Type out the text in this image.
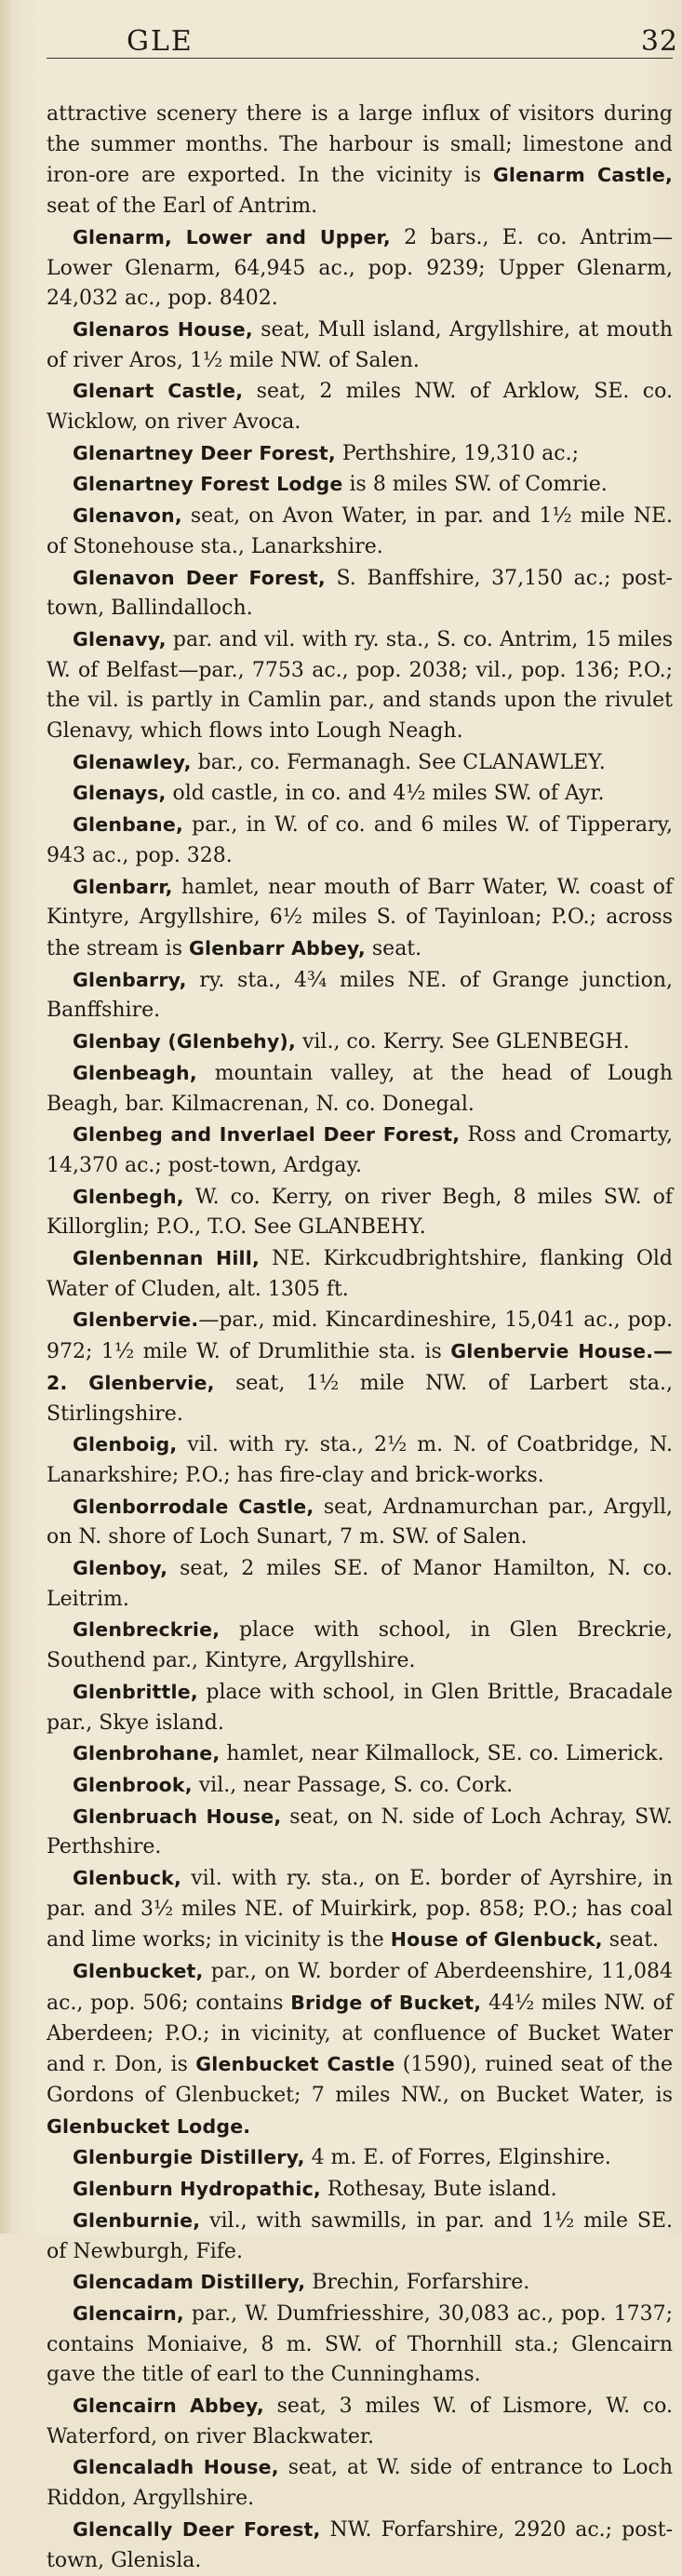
GLE	32

attractive scenery there is a large influx of visitors during the summer months. The harbour is small; limestone and iron-ore are exported. In the vicinity is Glenarm Castle, seat of the Earl of Antrim.

Glenarm, Lower and Upper, 2 bars., E. co. Antrim—Lower Glenarm, 64,945 ac., pop. 9239; Upper Glenarm, 24,032 ac., pop. 8402.

Glenaros House, seat, Mull island, Argyllshire, at mouth of river Aros, 1½ mile NW. of Salen.

Glenart Castle, seat, 2 miles NW. of Arklow, SE. co. Wicklow, on river Avoca.

Glenartney Deer Forest, Perthshire, 19,310 ac.;

Glenartney Forest Lodge is 8 miles SW. of Comrie.

Glenavon, seat, on Avon Water, in par. and 1½ mile NE. of Stonehouse sta., Lanarkshire.

Glenavon Deer Forest, S. Banffshire, 37,150 ac.; post-town, Ballindalloch.

Glenavy, par. and vil. with ry. sta., S. co. Antrim, 15 miles W. of Belfast—par., 7753 ac., pop. 2038; vil., pop. 136; P.O.; the vil. is partly in Camlin par., and stands upon the rivulet Glenavy, which flows into Lough Neagh.

Glenawley, bar., co. Fermanagh. See CLANAWLEY.

Glenays, old castle, in co. and 4½ miles SW. of Ayr.

Glenbane, par., in W. of co. and 6 miles W. of Tipperary, 943 ac., pop. 328.

Glenbarr, hamlet, near mouth of Barr Water, W. coast of Kintyre, Argyllshire, 6½ miles S. of Tayinloan; P.O.; across the stream is Glenbarr Abbey, seat.

Glenbarry, ry. sta., 4¾ miles NE. of Grange junction, Banffshire.

Glenbay (Glenbehy), vil., co. Kerry. See GLENBEGH.

Glenbeagh, mountain valley, at the head of Lough Beagh, bar. Kilmacrenan, N. co. Donegal.

Glenbeg and Inverlael Deer Forest, Ross and Cromarty, 14,370 ac.; post-town, Ardgay.

Glenbegh, W. co. Kerry, on river Begh, 8 miles SW. of Killorglin; P.O., T.O. See GLANBEHY.

Glenbennan Hill, NE. Kirkcudbrightshire, flanking Old Water of Cluden, alt. 1305 ft.

Glenbervie.—par., mid. Kincardineshire, 15,041 ac., pop. 972; 1½ mile W. of Drumlithie sta. is Glenbervie House.—2. Glenbervie, seat, 1½ mile NW. of Larbert sta., Stirlingshire.

Glenboig, vil. with ry. sta., 2½ m. N. of Coatbridge, N. Lanarkshire; P.O.; has fire-clay and brick-works.

Glenborrodale Castle, seat, Ardnamurchan par., Argyll, on N. shore of Loch Sunart, 7 m. SW. of Salen.

Glenboy, seat, 2 miles SE. of Manor Hamilton, N. co. Leitrim.

Glenbreckrie, place with school, in Glen Breckrie, Southend par., Kintyre, Argyllshire.

Glenbrittle, place with school, in Glen Brittle, Bracadale par., Skye island.

Glenbrohane, hamlet, near Kilmallock, SE. co. Limerick.

Glenbrook, vil., near Passage, S. co. Cork.

Glenbruach House, seat, on N. side of Loch Achray, SW. Perthshire.

Glenbuck, vil. with ry. sta., on E. border of Ayrshire, in par. and 3½ miles NE. of Muirkirk, pop. 858; P.O.; has coal and lime works; in vicinity is the House of Glenbuck, seat.

Glenbucket, par., on W. border of Aberdeenshire, 11,084 ac., pop. 506; contains Bridge of Bucket, 44½ miles NW. of Aberdeen; P.O.; in vicinity, at confluence of Bucket Water and r. Don, is Glenbucket Castle (1590), ruined seat of the Gordons of Glenbucket; 7 miles NW., on Bucket Water, is Glenbucket Lodge.

Glenburgie Distillery, 4 m. E. of Forres, Elginshire.

Glenburn Hydropathic, Rothesay, Bute island.

Glenburnie, vil., with sawmills, in par. and 1½ mile SE. of Newburgh, Fife.

Glencadam Distillery, Brechin, Forfarshire.

Glencairn, par., W. Dumfriesshire, 30,083 ac., pop. 1737; contains Moniaive, 8 m. SW. of Thornhill sta.; Glencairn gave the title of earl to the Cunninghams.

Glencairn Abbey, seat, 3 miles W. of Lismore, W. co. Waterford, on river Blackwater.

Glencaladh House, seat, at W. side of entrance to Loch Riddon, Argyllshire.

Glencally Deer Forest, NW. Forfarshire, 2920 ac.; post-town, Glenisla.
